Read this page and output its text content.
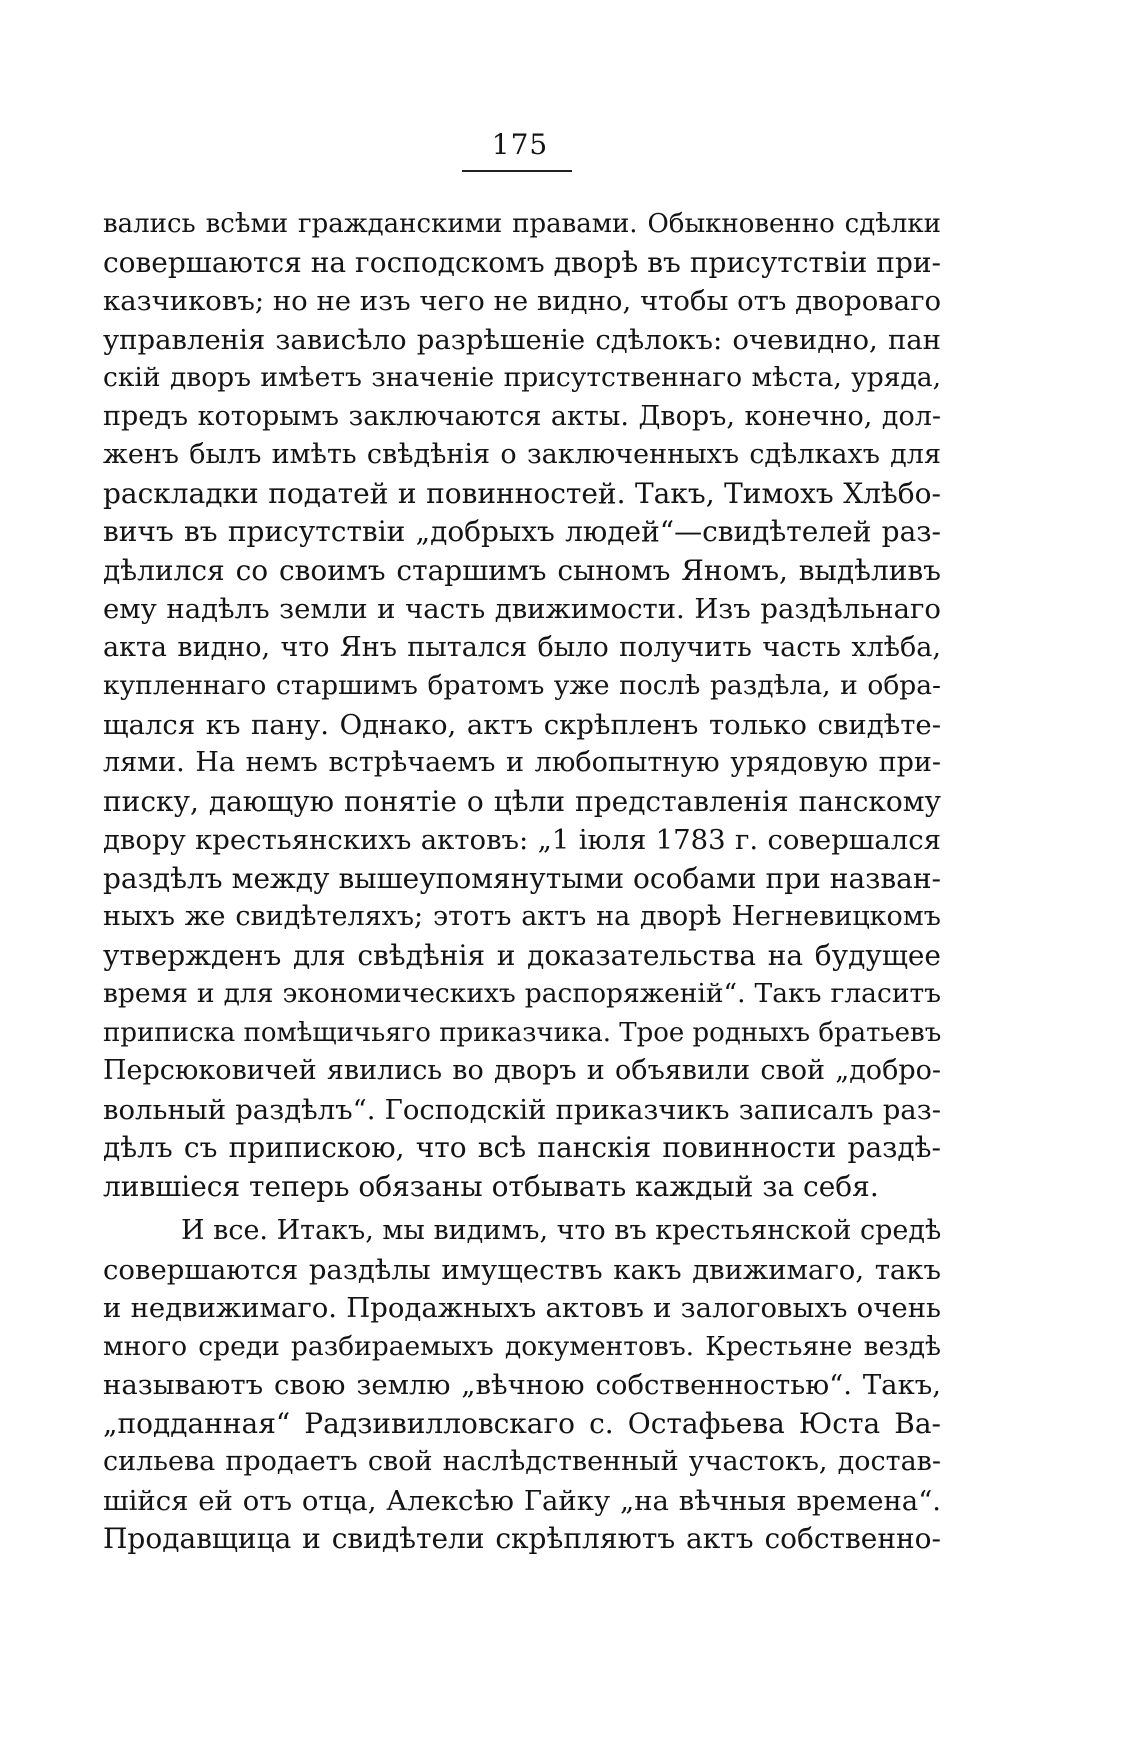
175
вались всѣми гражданскими правами. Обыкновенно сдѣлки
совершаются на господскомъ дворѣ въ присутствіи при-
казчиковъ; но не изъ чего не видно, чтобы отъ двороваго
управленія зависѣло разрѣшеніе сдѣлокъ: очевидно, пан
скій дворъ имѣетъ значеніе присутственнаго мѣста, уряда,
предъ которымъ заключаются акты. Дворъ, конечно, дол-
женъ былъ имѣть свѣдѣнія о заключенныхъ сдѣлкахъ для
раскладки податей и повинностей. Такъ, Тимохъ Хлѣбо-
вичъ въ присутствіи „добрыхъ людей“—свидѣтелей раз-
дѣлился со своимъ старшимъ сыномъ Яномъ, выдѣливъ
ему надѣлъ земли и часть движимости. Изъ раздѣльнаго
акта видно, что Янъ пытался было получить часть хлѣба,
купленнаго старшимъ братомъ уже послѣ раздѣла, и обра-
щался къ пану. Однако, актъ скрѣпленъ только свидѣте-
лями. На немъ встрѣчаемъ и любопытную урядовую при-
писку, дающую понятіе о цѣли представленія панскому
двору крестьянскихъ актовъ: „1 іюля 1783 г. совершался
раздѣлъ между вышеупомянутыми особами при назван-
ныхъ же свидѣтеляхъ; этотъ актъ на дворѣ Негневицкомъ
утвержденъ для свѣдѣнія и доказательства на будущее
время и для экономическихъ распоряженій“. Такъ гласитъ
приписка помѣщичьяго приказчика. Трое родныхъ братьевъ
Персюковичей явились во дворъ и объявили свой „добро-
вольный раздѣлъ“. Господскій приказчикъ записалъ раз-
дѣлъ съ припискою, что всѣ панскія повинности раздѣ-
лившіеся теперь обязаны отбывать каждый за себя.
И все. Итакъ, мы видимъ, что въ крестьянской средѣ
совершаются раздѣлы имуществъ какъ движимаго, такъ
и недвижимаго. Продажныхъ актовъ и залоговыхъ очень
много среди разбираемыхъ документовъ. Крестьяне вездѣ
называютъ свою землю „вѣчною собственностью“. Такъ,
„подданная“ Радзивилловскаго с. Остафьева Юста Ва-
сильева продаетъ свой наслѣдственный участокъ, достав-
шійся ей отъ отца, Алексѣю Гайку „на вѣчныя времена“.
Продавщица и свидѣтели скрѣпляютъ актъ собственно-
